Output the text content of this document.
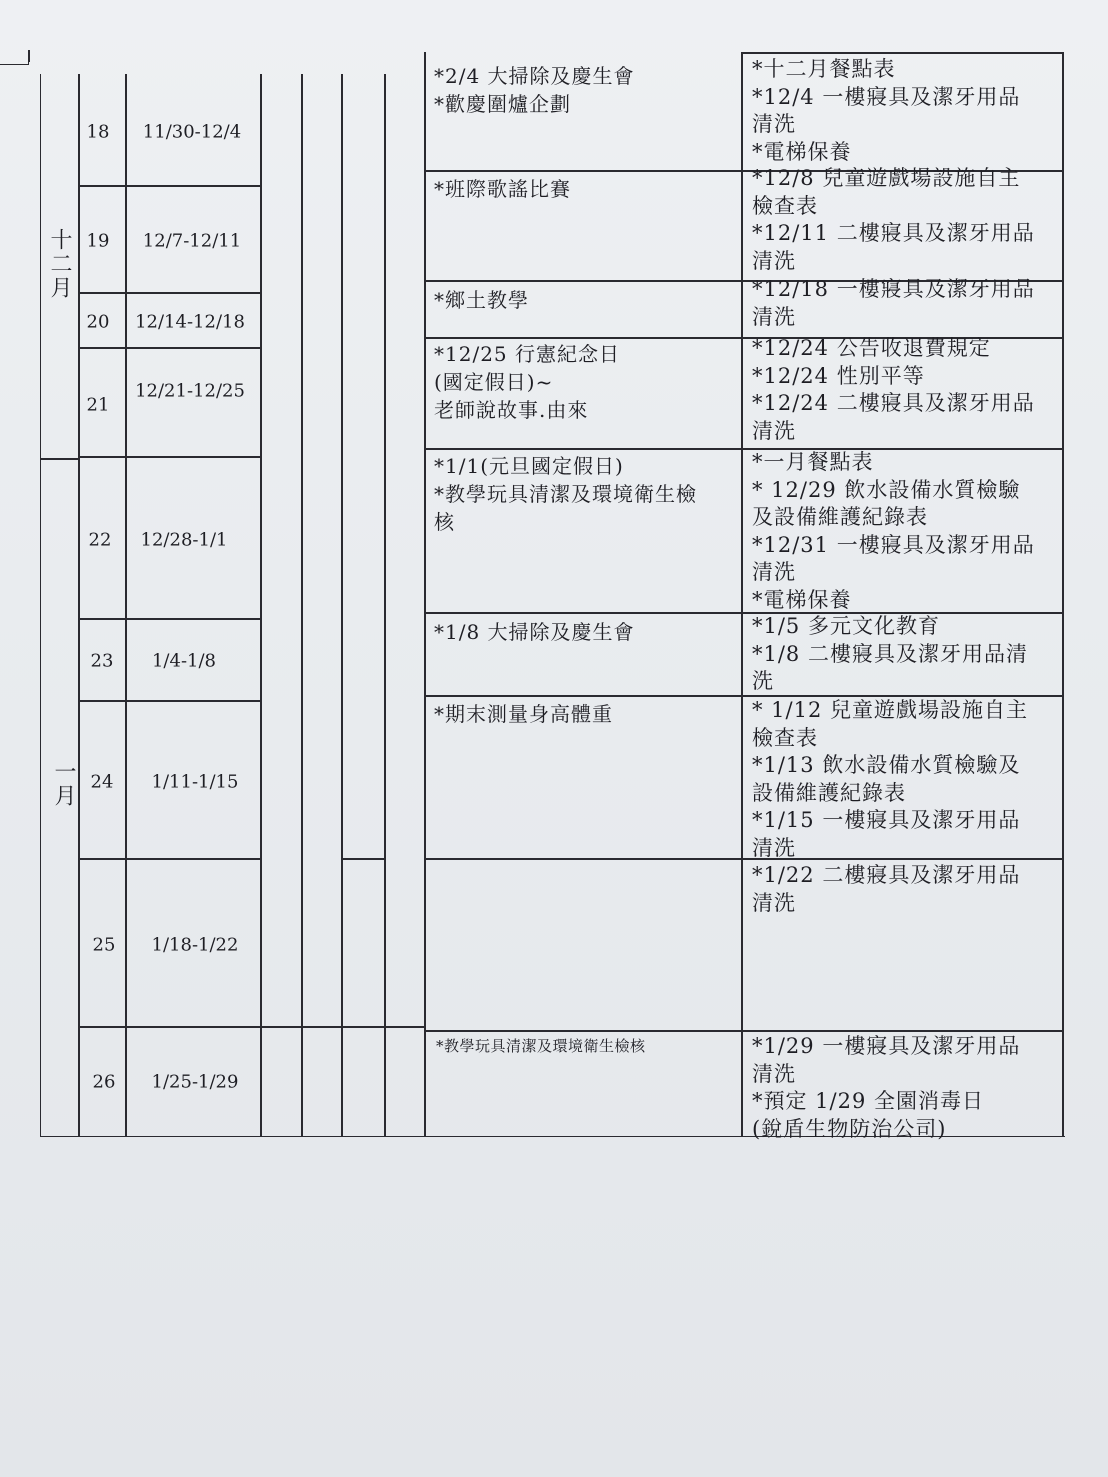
十二月
一月
18
19
20
21
22
23
24
25
26
11/30-12/4
12/7-12/11
12/14-12/18
12/21-12/25
12/28-1/1
1/4-1/8
1/11-1/15
1/18-1/22
1/25-1/29
*2/4 大掃除及慶生會
*歡慶圍爐企劃
*班際歌謠比賽
*鄉土教學
*12/25 行憲紀念日
(國定假日)~
老師說故事.由來
*1/1(元旦國定假日)
*教學玩具清潔及環境衛生檢
核
*1/8 大掃除及慶生會
*期末測量身高體重
*教學玩具清潔及環境衛生檢核
*十二月餐點表
*12/4 一樓寢具及潔牙用品
清洗
*電梯保養
*12/8 兒童遊戲場設施自主
檢查表
*12/11 二樓寢具及潔牙用品
清洗
*12/18 一樓寢具及潔牙用品
清洗
*12/24 公告收退費規定
*12/24 性別平等
*12/24 二樓寢具及潔牙用品
清洗
*一月餐點表
* 12/29 飲水設備水質檢驗
及設備維護紀錄表
*12/31 一樓寢具及潔牙用品
清洗
*電梯保養
*1/5 多元文化教育
*1/8 二樓寢具及潔牙用品清
洗
* 1/12 兒童遊戲場設施自主
檢查表
*1/13 飲水設備水質檢驗及
設備維護紀錄表
*1/15 一樓寢具及潔牙用品
清洗
*1/22 二樓寢具及潔牙用品
清洗
*1/29 一樓寢具及潔牙用品
清洗
*預定 1/29 全園消毒日
(銳盾生物防治公司)
